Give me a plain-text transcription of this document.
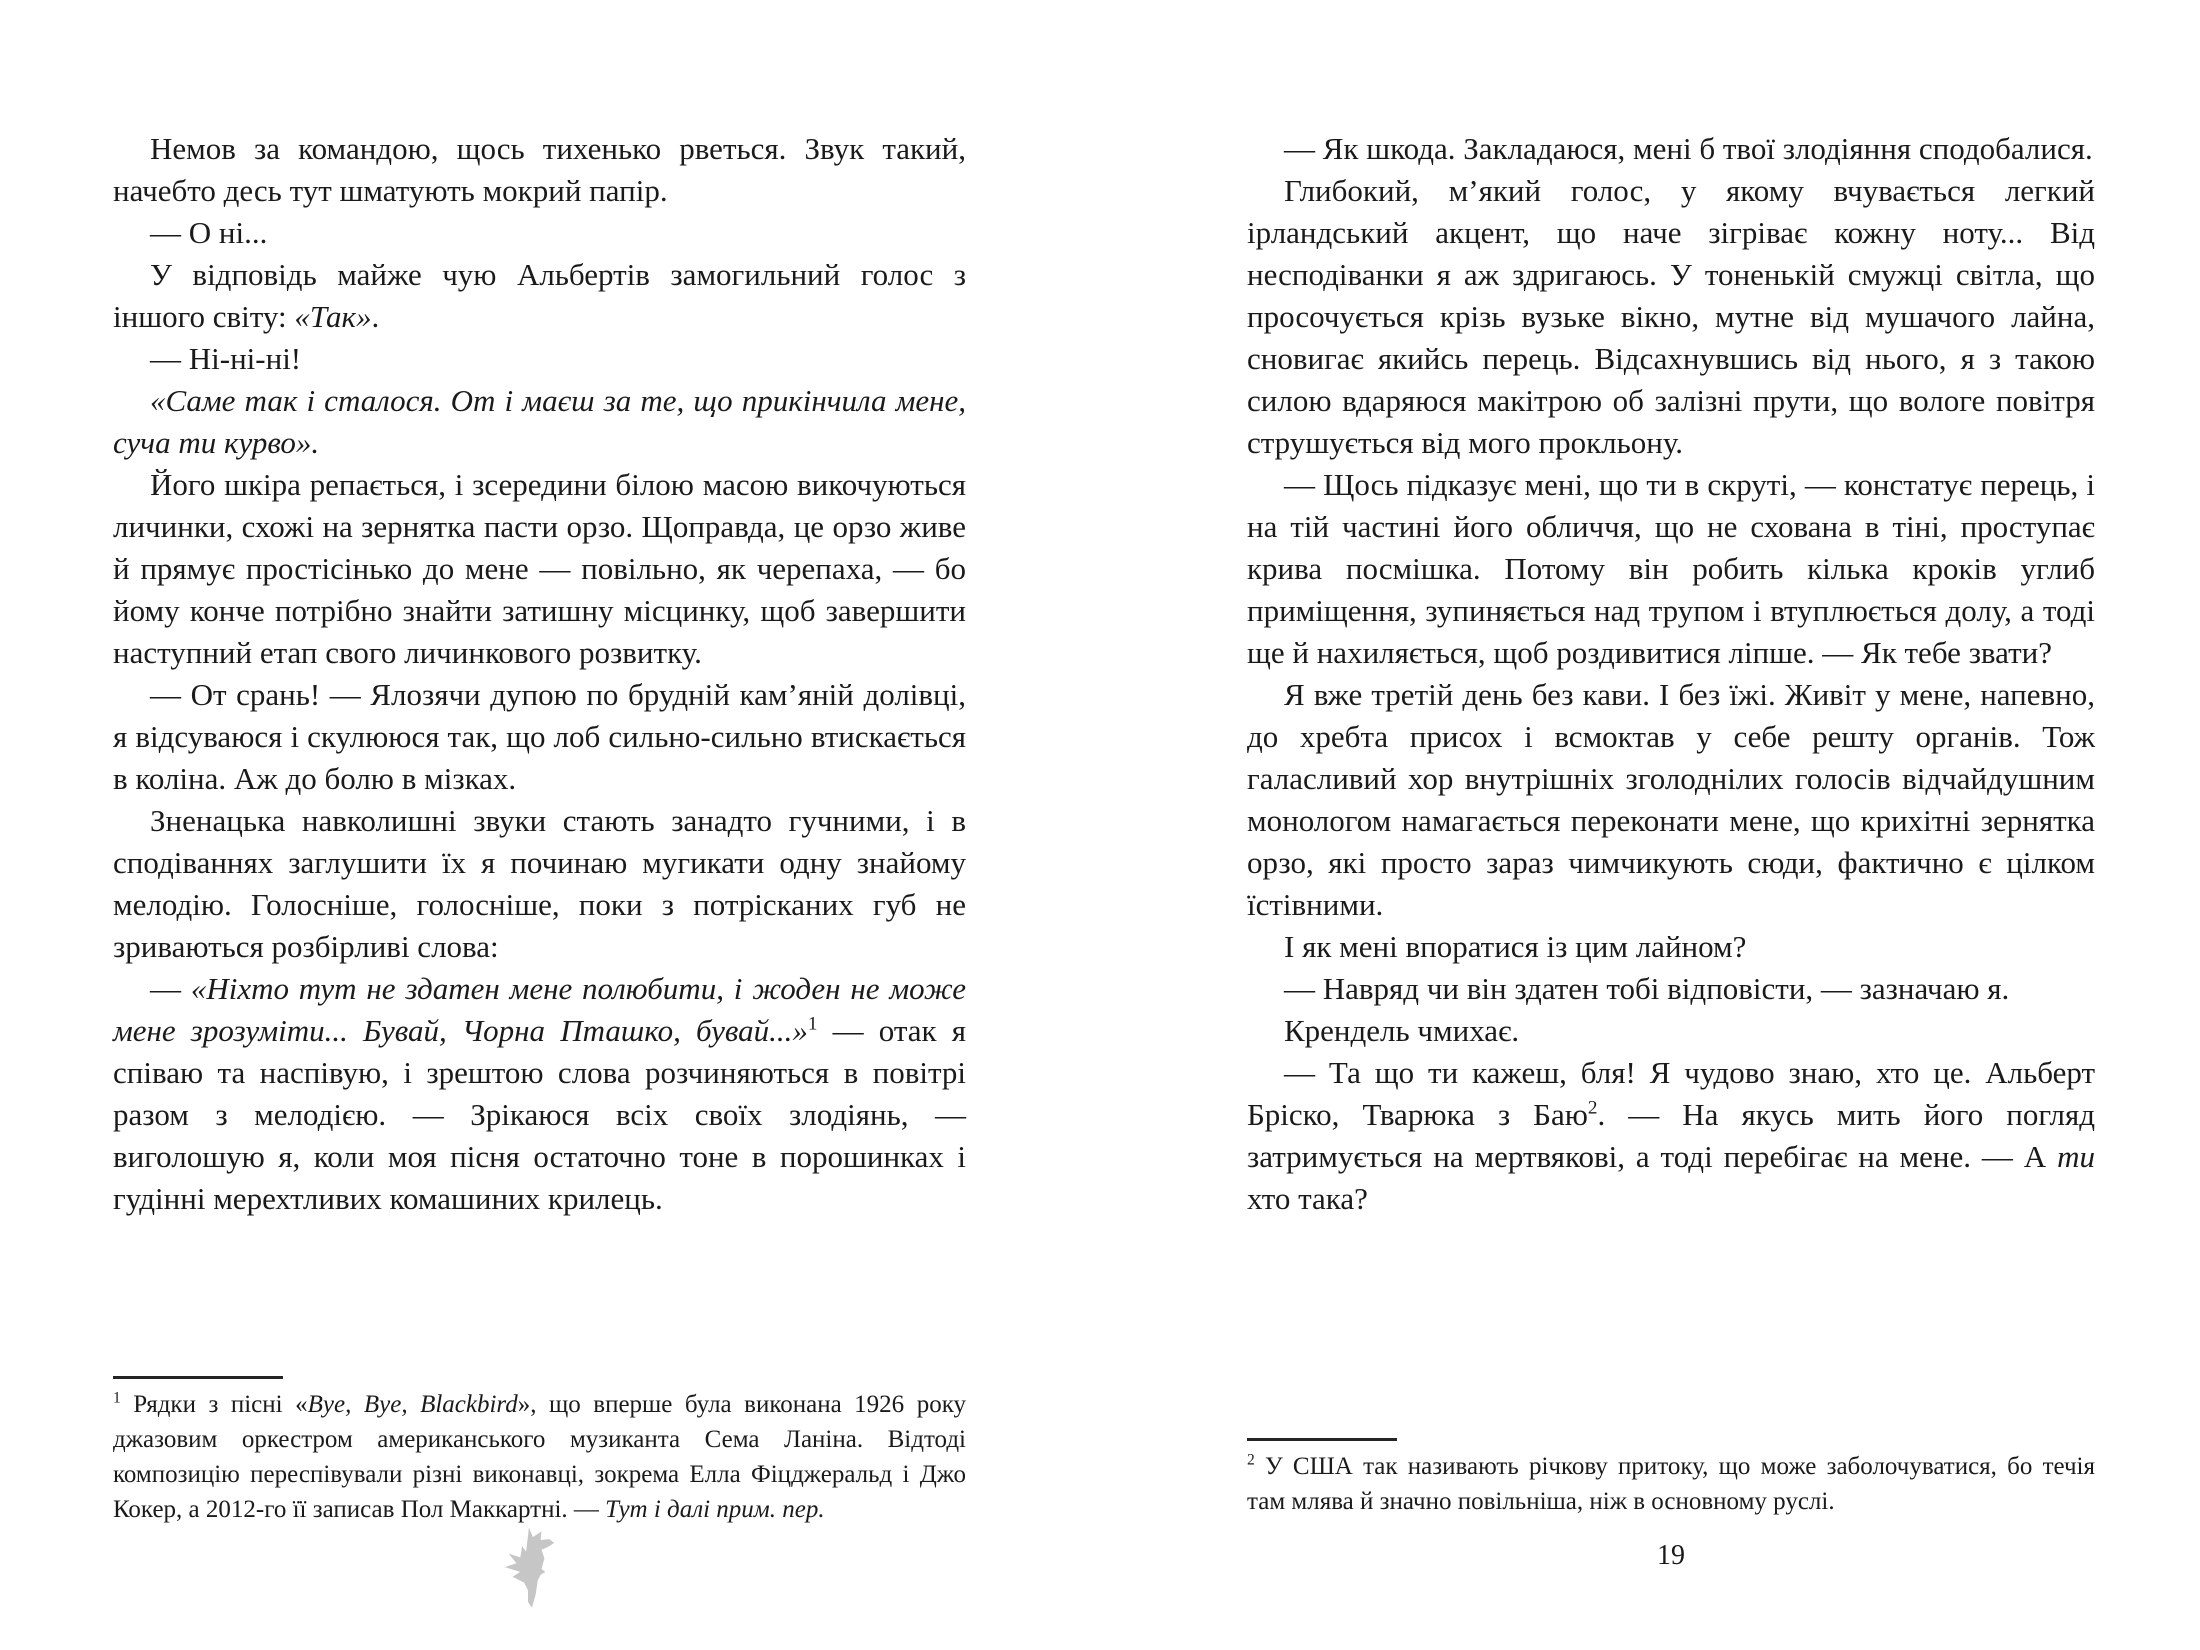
Немов за командою, щось тихенько рветься. Звук такий, начебто десь тут шматують мокрий папір.

— О ні...

У відповідь майже чую Альбертів замогильний голос з іншого світу: «Так».

— Ні-ні-ні!

«Саме так і сталося. От і маєш за те, що прикінчила мене, суча ти курво».

Його шкіра репається, і зсередини білою масою викочуються личинки, схожі на зернятка пасти орзо. Щоправда, це орзо живе й прямує простісінько до мене — повільно, як черепаха, — бо йому конче потрібно знайти затишну місцинку, щоб завершити наступний етап свого личинкового розвитку.

— От срань! — Ялозячи дупою по брудній кам’яній долівці, я відсуваюся і скулююся так, що лоб сильно-сильно втискається в коліна. Аж до болю в мізках.

Зненацька навколишні звуки стають занадто гучними, і в сподіваннях заглушити їх я починаю мугикати одну знайому мелодію. Голосніше, голосніше, поки з потрісканих губ не зриваються розбірливі слова:

— «Ніхто тут не здатен мене полюбити, і жоден не може мене зрозуміти... Бувай, Чорна Пташко, бувай...»$^1$ — отак я співаю та наспівую, і зрештою слова розчиняються в повітрі разом з мелодією. — Зрікаюся всіх своїх злодіянь, — виголошую я, коли моя пісня остаточно тоне в порошинках і гудінні мерехтливих комашиних крилець.

$^1$ Рядки з пісні «Bye, Bye, Blackbird», що вперше була виконана 1926 року джазовим оркестром американського музиканта Сема Ланіна. Відтоді композицію переспівували різні виконавці, зокрема Елла Фіцджеральд і Джо Кокер, а 2012-го її записав Пол Маккартні. — Тут і далі прим. пер.

— Як шкода. Закладаюся, мені б твої злодіяння сподобалися.

Глибокий, м’який голос, у якому вчувається легкий ірландський акцент, що наче зігріває кожну ноту... Від несподіванки я аж здригаюсь. У тоненькій смужці світла, що просочується крізь вузьке вікно, мутне від мушачого лайна, сновигає якийсь перець. Відсахнувшись від нього, я з такою силою вдаряюся макітрою об залізні прути, що вологе повітря струшується від мого прокльону.

— Щось підказує мені, що ти в скруті, — констатує перець, і на тій частині його обличчя, що не схована в тіні, проступає крива посмішка. Потому він робить кілька кроків углиб приміщення, зупиняється над трупом і втуплюється долу, а тоді ще й нахиляється, щоб роздивитися ліпше. — Як тебе звати?

Я вже третій день без кави. І без їжі. Живіт у мене, напевно, до хребта присох і всмоктав у себе решту органів. Тож галасливий хор внутрішніх зголоднілих голосів відчайдушним монологом намагається переконати мене, що крихітні зернятка орзо, які просто зараз чимчикують сюди, фактично є цілком їстівними.

І як мені впоратися із цим лайном?

— Навряд чи він здатен тобі відповісти, — зазначаю я.

Крендель чмихає.

— Та що ти кажеш, бля! Я чудово знаю, хто це. Альберт Бріско, Тварюка з Баю$^2$. — На якусь мить його погляд затримується на мертвякові, а тоді перебігає на мене. — А ти хто така?

$^2$ У США так називають річкову притоку, що може заболочуватися, бо течія там млява й значно повільніша, ніж в основному руслі.
19
